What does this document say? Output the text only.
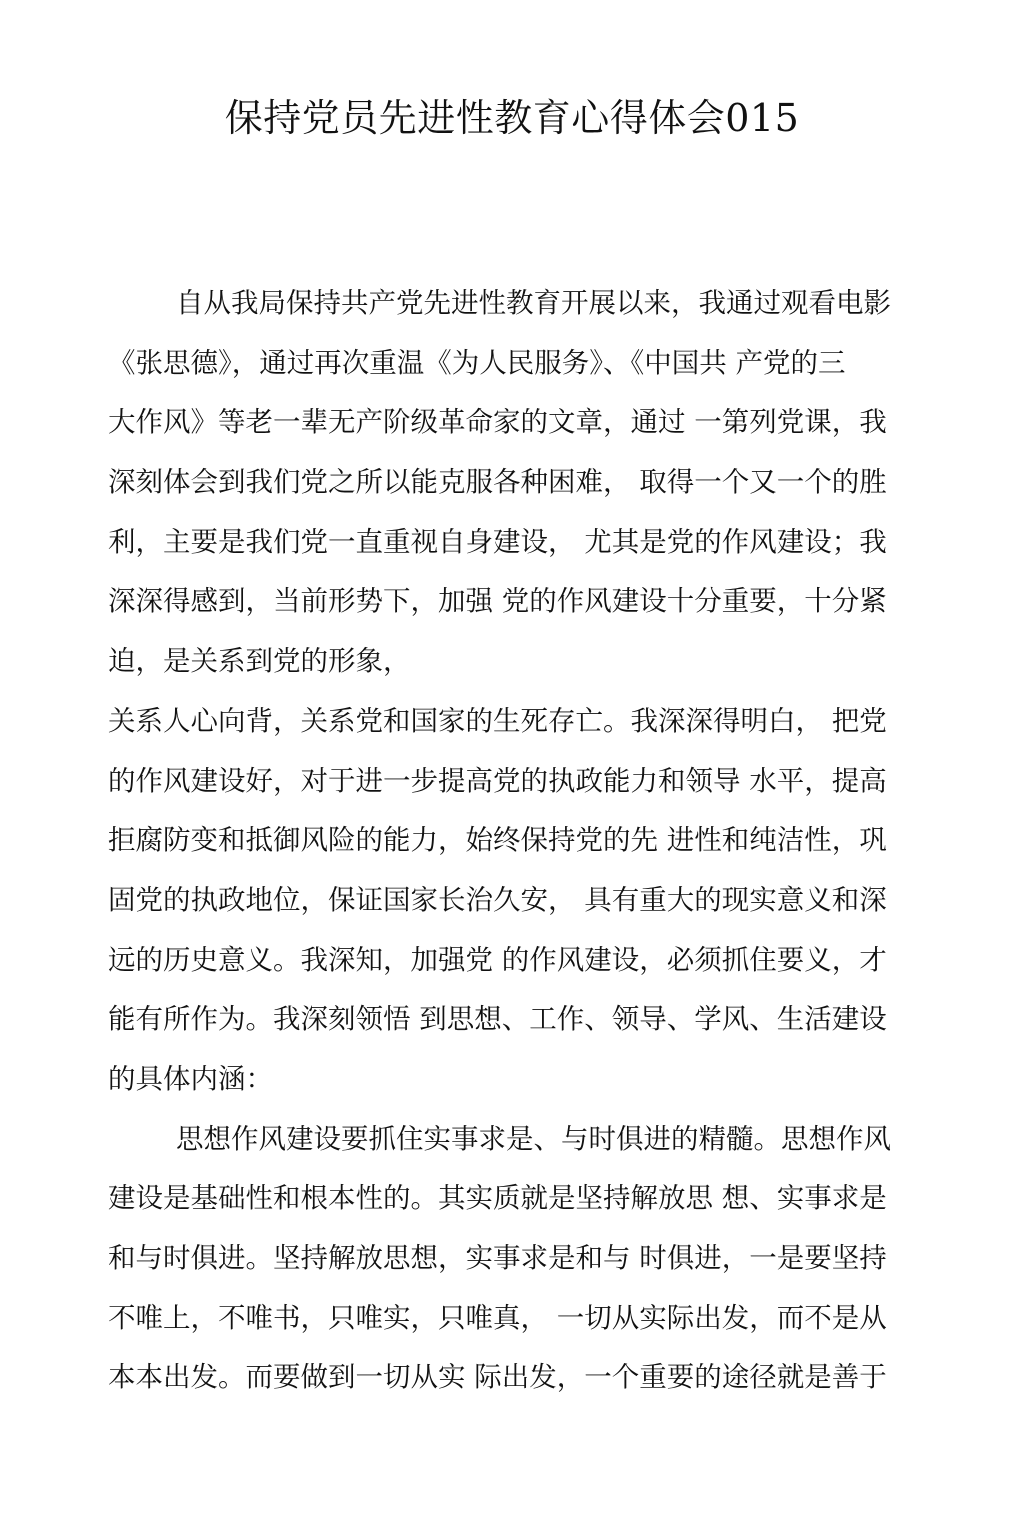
保持党员先进性教育心得体会015
自从我局保持共产党先进性教育开展以来，我通过观看电影
《张思德》，通过再次重温《为人民服务》、《中国共 产党的三
大作风》等老一辈无产阶级革命家的文章，通过 一第列党课，我
深刻体会到我们党之所以能克服各种困难， 取得一个又一个的胜
利，主要是我们党一直重视自身建设， 尤其是党的作风建设；我
深深得感到，当前形势下，加强 党的作风建设十分重要，十分紧
迫，是关系到党的形象，
关系人心向背，关系党和国家的生死存亡。我深深得明白， 把党
的作风建设好，对于进一步提高党的执政能力和领导 水平，提高
拒腐防变和抵御风险的能力，始终保持党的先 进性和纯洁性，巩
固党的执政地位，保证国家长治久安， 具有重大的现实意义和深
远的历史意义。我深知，加强党 的作风建设，必须抓住要义，才
能有所作为。我深刻领悟 到思想、工作、领导、学风、生活建设
的具体内涵：
思想作风建设要抓住实事求是、与时俱进的精髓。思想作风
建设是基础性和根本性的。其实质就是坚持解放思 想、实事求是
和与时俱进。坚持解放思想，实事求是和与 时俱进，一是要坚持
不唯上，不唯书，只唯实，只唯真， 一切从实际出发，而不是从
本本出发。而要做到一切从实 际出发，一个重要的途径就是善于
